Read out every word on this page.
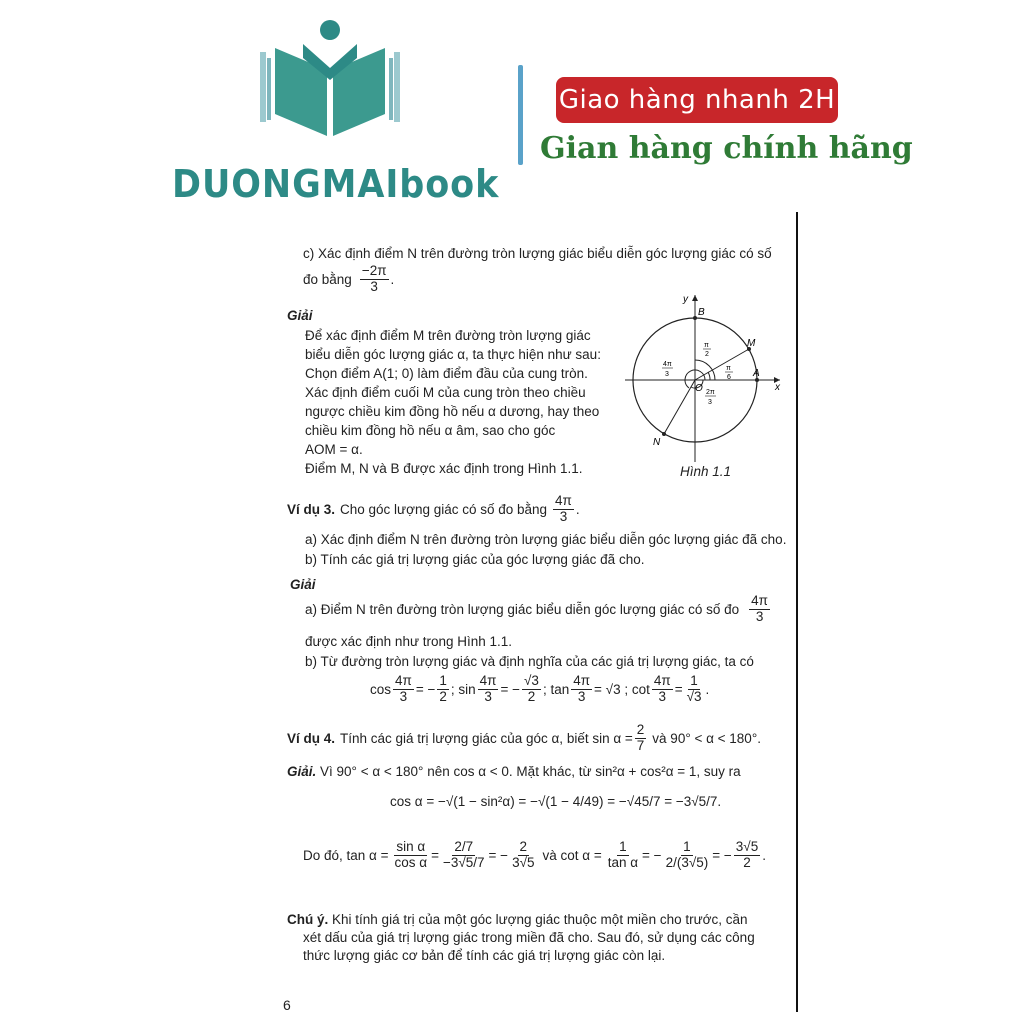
DUONGMAIbook
Giao hàng nhanh 2H
Gian hàng chính hãng
c) Xác định điểm N trên đường tròn lượng giác biểu diễn góc lượng giác có số
đo bằng $\frac{-2\pi}{3}$ .
Giải
Để xác định điểm M trên đường tròn lượng giác
biểu diễn góc lượng giác α, ta thực hiện như sau:
Chọn điểm A(1; 0) làm điểm đầu của cung tròn.
Xác định điểm cuối M của cung tròn theo chiều
ngược chiều kim đồng hồ nếu α dương, hay theo
chiều kim đồng hồ nếu α âm, sao cho góc
AOM = α.
Điểm M, N và B được xác định trong Hình 1.1.
y
x
B
M
A
O
N
π
2
π
6
4π
3
2π
3
Hình 1.1
Ví dụ 3. Cho góc lượng giác có số đo bằng $\frac{4\pi}{3}$ .
a) Xác định điểm N trên đường tròn lượng giác biểu diễn góc lượng giác đã cho.
b) Tính các giá trị lượng giác của góc lượng giác đã cho.
Giải
a) Điểm N trên đường tròn lượng giác biểu diễn góc lượng giác có số đo $\frac{4\pi}{3}$
được xác định như trong Hình 1.1.
b) Từ đường tròn lượng giác và định nghĩa của các giá trị lượng giác, ta có
$\cos \frac{4\pi}{3}$ = − $\frac{1}{2}$ ; $\sin \frac{4\pi}{3}$ = − $\frac{√3}{2}$ ; $\tan \frac{4\pi}{3} = √3$ ; $\cot \frac{4\pi}{3} = \frac{1}{√3}$ .
Ví dụ 4. Tính các giá trị lượng giác của góc α, biết $\sin \alpha = \frac{2}{7}$ và 90° < α < 180°.
Giải. Vì 90° < α < 180° nên cos α < 0. Mặt khác, từ sin²α + cos²α = 1, suy ra
cos α = −√(1 − sin²α) = −√(1 − 4/49) = −√45/7 = −3√5/7.
Do đó, $\tan \alpha = \frac{\text{sin α}}{\text{cos α}} = \frac{2/7}{-3√5/7}$ = − $\frac{2}{3√5}$ và $\cot \alpha = \frac{1}{\text{tan α}}$ = − $\frac{1}{2/(3√5)}$ = − $\frac{3√5}{2}$ .
Chú ý. Khi tính giá trị của một góc lượng giác thuộc một miền cho trước, cần
xét dấu của giá trị lượng giác trong miền đã cho. Sau đó, sử dụng các công
thức lượng giác cơ bản để tính các giá trị lượng giác còn lại.
6
